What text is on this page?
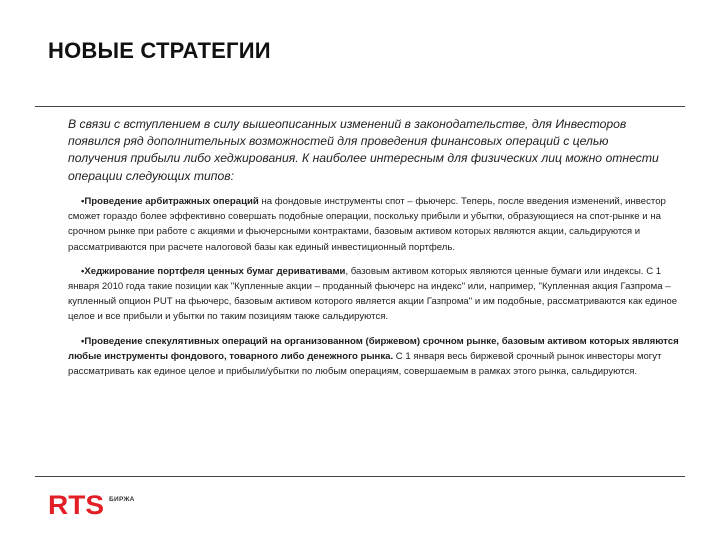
НОВЫЕ СТРАТЕГИИ

В связи с вступлением в силу вышеописанных изменений в законодательстве, для Инвесторов появился ряд дополнительных возможностей для проведения финансовых операций с целью получения прибыли либо хеджирования. К наиболее интересным для физических лиц можно отнести операции следующих типов:

•Проведение арбитражных операций на фондовые инструменты спот – фьючерс. Теперь, после введения изменений, инвестор сможет гораздо более эффективно совершать подобные операции, поскольку прибыли и убытки, образующиеся на спот-рынке и на срочном рынке при работе с акциями и фьючерсными контрактами, базовым активом которых являются акции, сальдируются и рассматриваются при расчете налоговой базы как единый инвестиционный портфель.

•Хеджирование портфеля ценных бумаг деривативами, базовым активом которых являются ценные бумаги или индексы. С 1 января 2010 года такие позиции как "Купленные акции – проданный фьючерс на индекс" или, например, "Купленная акция Газпрома – купленный опцион PUT на фьючерс, базовым активом которого является акции Газпрома" и им подобные, рассматриваются как единое целое и все прибыли и убытки по таким позициям также сальдируются.

•Проведение спекулятивных операций на организованном (биржевом) срочном рынке, базовым активом которых являются любые инструменты фондового, товарного либо денежного рынка. С 1 января весь биржевой срочный рынок инвесторы могут рассматривать как единое целое и прибыли/убытки по любым операциям, совершаемым в рамках этого рынка, сальдируются.

RTS БИРЖА
